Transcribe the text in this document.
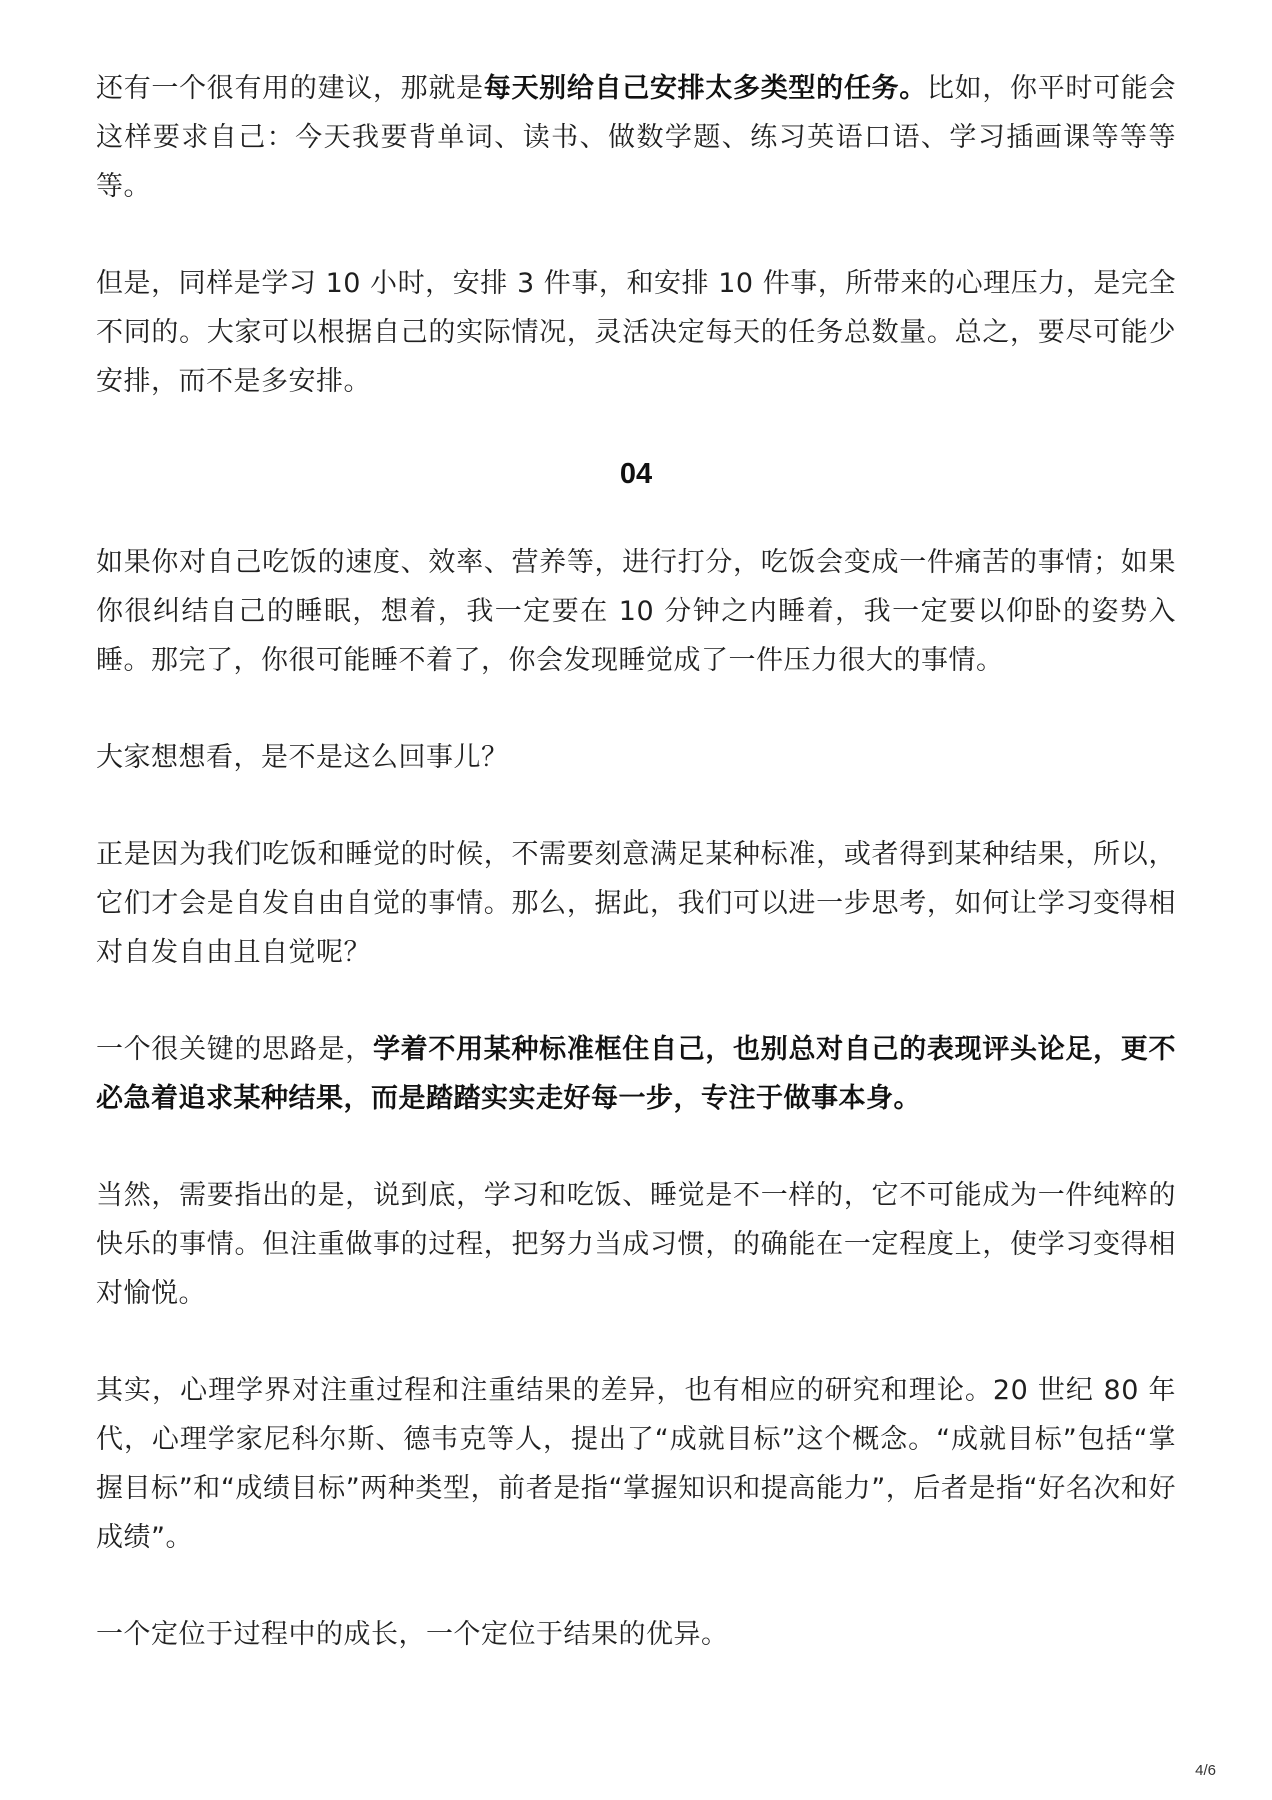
还有一个很有用的建议，那就是每天别给自己安排太多类型的任务。比如，你平时可能会这样要求自己：今天我要背单词、读书、做数学题、练习英语口语、学习插画课等等等等。

但是，同样是学习 10 小时，安排 3 件事，和安排 10 件事，所带来的心理压力，是完全不同的。大家可以根据自己的实际情况，灵活决定每天的任务总数量。总之，要尽可能少安排，而不是多安排。

04

如果你对自己吃饭的速度、效率、营养等，进行打分，吃饭会变成一件痛苦的事情；如果你很纠结自己的睡眠，想着，我一定要在 10 分钟之内睡着，我一定要以仰卧的姿势入睡。那完了，你很可能睡不着了，你会发现睡觉成了一件压力很大的事情。

大家想想看，是不是这么回事儿？

正是因为我们吃饭和睡觉的时候，不需要刻意满足某种标准，或者得到某种结果，所以，它们才会是自发自由自觉的事情。那么，据此，我们可以进一步思考，如何让学习变得相对自发自由且自觉呢？

一个很关键的思路是，学着不用某种标准框住自己，也别总对自己的表现评头论足，更不必急着追求某种结果，而是踏踏实实走好每一步，专注于做事本身。

当然，需要指出的是，说到底，学习和吃饭、睡觉是不一样的，它不可能成为一件纯粹的快乐的事情。但注重做事的过程，把努力当成习惯，的确能在一定程度上，使学习变得相对愉悦。

其实，心理学界对注重过程和注重结果的差异，也有相应的研究和理论。20 世纪 80 年代，心理学家尼科尔斯、德韦克等人，提出了“成就目标”这个概念。“成就目标”包括“掌握目标”和“成绩目标”两种类型，前者是指“掌握知识和提高能力”，后者是指“好名次和好成绩”。

一个定位于过程中的成长，一个定位于结果的优异。

4/6
